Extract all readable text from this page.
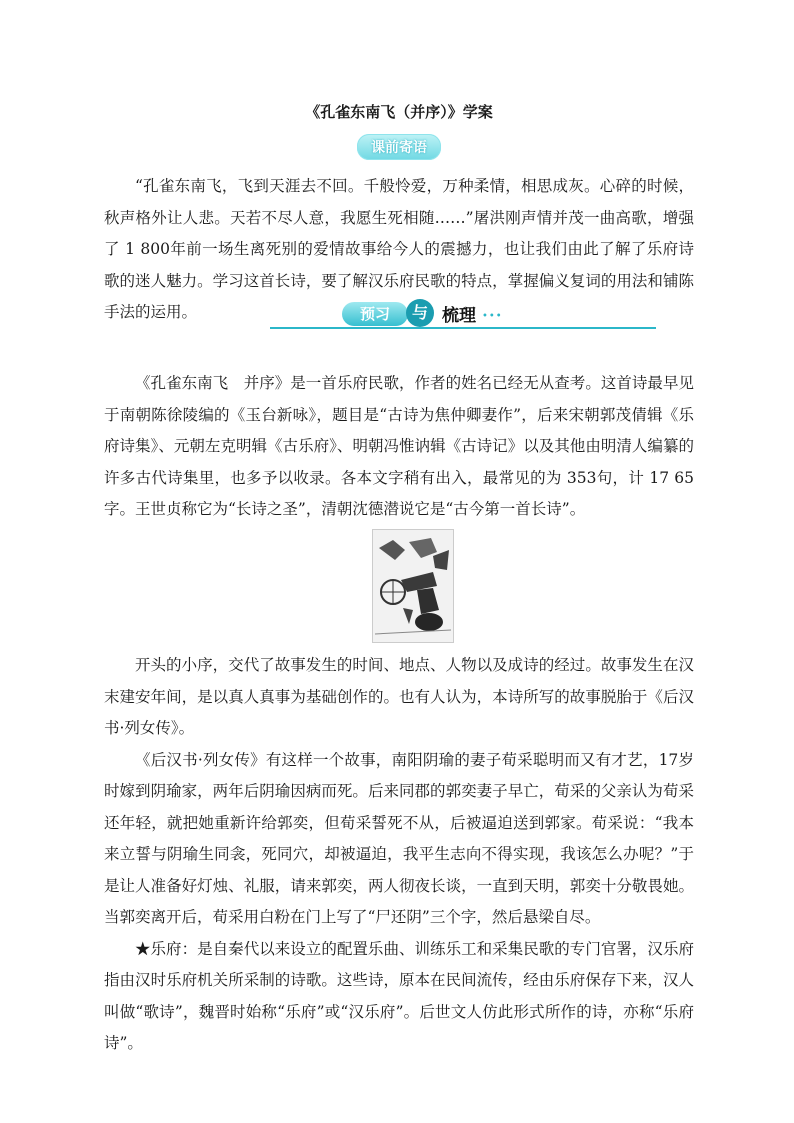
《孔雀东南飞（并序）》学案
课前寄语

“孔雀东南飞，飞到天涯去不回。千般怜爱，万种柔情，相思成灰。心碎的时候，秋声格外让人悲。天若不尽人意，我愿生死相随……”屠洪刚声情并茂一曲高歌，增强了 1 800年前一场生离死别的爱情故事给今人的震撼力，也让我们由此了解了乐府诗歌的迷人魅力。学习这首长诗，要了解汉乐府民歌的特点，掌握偏义复词的用法和铺陈手法的运用。	预习	与 梳理 •••

《孔雀东南飞　并序》是一首乐府民歌，作者的姓名已经无从查考。这首诗最早见于南朝陈徐陵编的《玉台新咏》，题目是“古诗为焦仲卿妻作”，后来宋朝郭茂倩辑《乐府诗集》、元朝左克明辑《古乐府》、明朝冯惟讷辑《古诗记》以及其他由明清人编纂的许多古代诗集里，也多予以收录。各本文字稍有出入，最常见的为 353句，计 17 65字。王世贞称它为“长诗之圣”，清朝沈德潜说它是“古今第一首长诗”。

开头的小序，交代了故事发生的时间、地点、人物以及成诗的经过。故事发生在汉末建安年间，是以真人真事为基础创作的。也有人认为，本诗所写的故事脱胎于《后汉书·列女传》。

《后汉书·列女传》有这样一个故事，南阳阴瑜的妻子荀采聪明而又有才艺，17岁时嫁到阴瑜家，两年后阴瑜因病而死。后来同郡的郭奕妻子早亡，荀采的父亲认为荀采还年轻，就把她重新许给郭奕，但荀采誓死不从，后被逼迫送到郭家。荀采说：“我本来立誓与阴瑜生同衾，死同穴，却被逼迫，我平生志向不得实现，我该怎么办呢？”于是让人准备好灯烛、礼服，请来郭奕，两人彻夜长谈，一直到天明，郭奕十分敬畏她。当郭奕离开后，荀采用白粉在门上写了“尸还阴”三个字，然后悬梁自尽。

★乐府：是自秦代以来设立的配置乐曲、训练乐工和采集民歌的专门官署，汉乐府指由汉时乐府机关所采制的诗歌。这些诗，原本在民间流传，经由乐府保存下来，汉人叫做“歌诗”，魏晋时始称“乐府”或“汉乐府”。后世文人仿此形式所作的诗，亦称“乐府诗”。
